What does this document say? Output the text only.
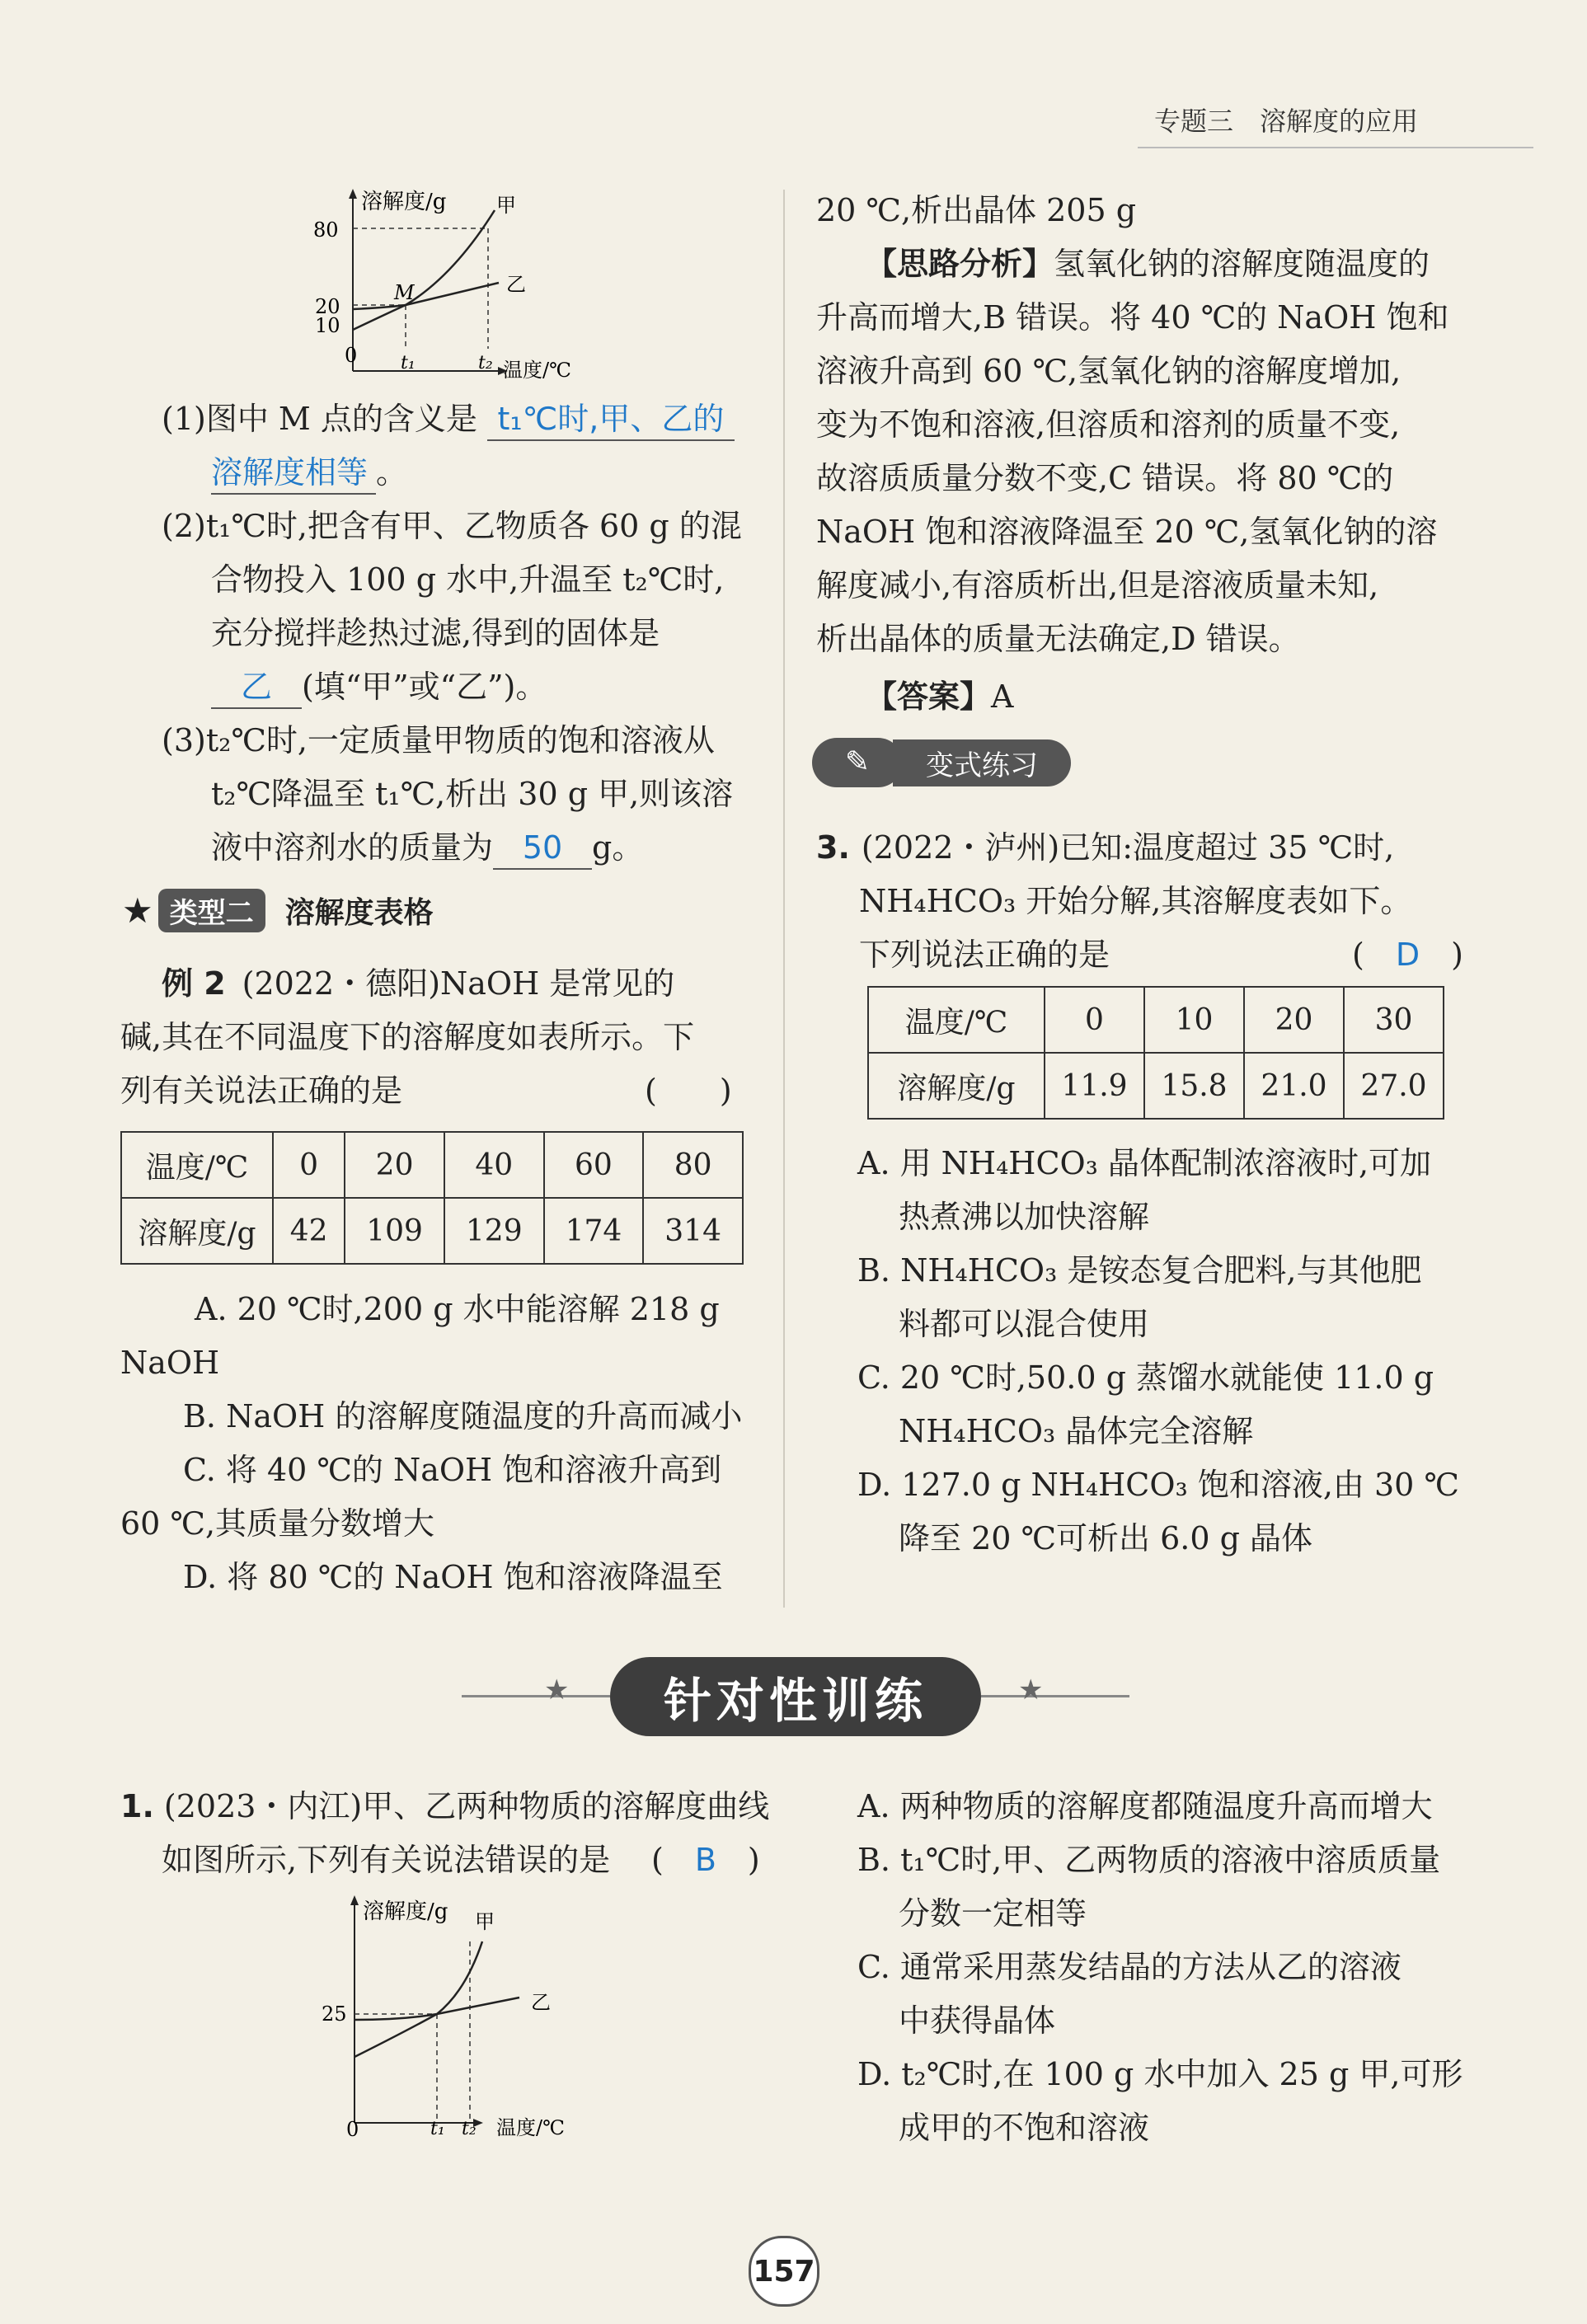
专题三　溶解度的应用
溶解度/g
温度/℃
80
20
10
0 t₁	t₂
甲
乙
M
(1)图中 M 点的含义是 t₁℃时,甲、乙的
溶解度相等 。
(2)t₁℃时,把含有甲、乙物质各 60 g 的混
合物投入 100 g 水中,升温至 t₂℃时,
充分搅拌趁热过滤,得到的固体是
乙 (填“甲”或“乙”)。
(3)t₂℃时,一定质量甲物质的饱和溶液从
t₂℃降温至 t₁℃,析出 30 g 甲,则该溶
液中溶剂水的质量为 50 g。
★ 类型二	溶解度表格
例 2 (2022・德阳)NaOH 是常见的
碱,其在不同温度下的溶解度如表所示。下
列有关说法正确的是	(　　)
温度/℃	0	20	40	60	80
溶解度/g	42	109	129	174	314
A. 20 ℃时,200 g 水中能溶解 218 g
NaOH
B. NaOH 的溶解度随温度的升高而减小
C. 将 40 ℃的 NaOH 饱和溶液升高到
60 ℃,其质量分数增大
D. 将 80 ℃的 NaOH 饱和溶液降温至
20 ℃,析出晶体 205 g
【思路分析】氢氧化钠的溶解度随温度的
升高而增大,B 错误。将 40 ℃的 NaOH 饱和
溶液升高到 60 ℃,氢氧化钠的溶解度增加,
变为不饱和溶液,但溶质和溶剂的质量不变,
故溶质质量分数不变,C 错误。将 80 ℃的
NaOH 饱和溶液降温至 20 ℃,氢氧化钠的溶
解度减小,有溶质析出,但是溶液质量未知,
析出晶体的质量无法确定,D 错误。
【答案】A
✎	变式练习
3. (2022・泸州)已知:温度超过 35 ℃时,
NH₄HCO₃ 开始分解,其溶解度表如下。
下列说法正确的是	(　D　)
温度/℃	0	10	20	30
溶解度/g	11.9	15.8	21.0	27.0
A. 用 NH₄HCO₃ 晶体配制浓溶液时,可加
热煮沸以加快溶解
B. NH₄HCO₃ 是铵态复合肥料,与其他肥
料都可以混合使用
C. 20 ℃时,50.0 g 蒸馏水就能使 11.0 g
NH₄HCO₃ 晶体完全溶解
D. 127.0 g NH₄HCO₃ 饱和溶液,由 30 ℃
降至 20 ℃可析出 6.0 g 晶体
★	★
针对性训练
1. (2023・内江)甲、乙两种物质的溶解度曲线
如图所示,下列有关说法错误的是 (　B　)
溶解度/g
温度/℃
25
0	t₁ t₂
甲
乙
A. 两种物质的溶解度都随温度升高而增大
B. t₁℃时,甲、乙两物质的溶液中溶质质量
分数一定相等
C. 通常采用蒸发结晶的方法从乙的溶液
中获得晶体
D. t₂℃时,在 100 g 水中加入 25 g 甲,可形
成甲的不饱和溶液
157
